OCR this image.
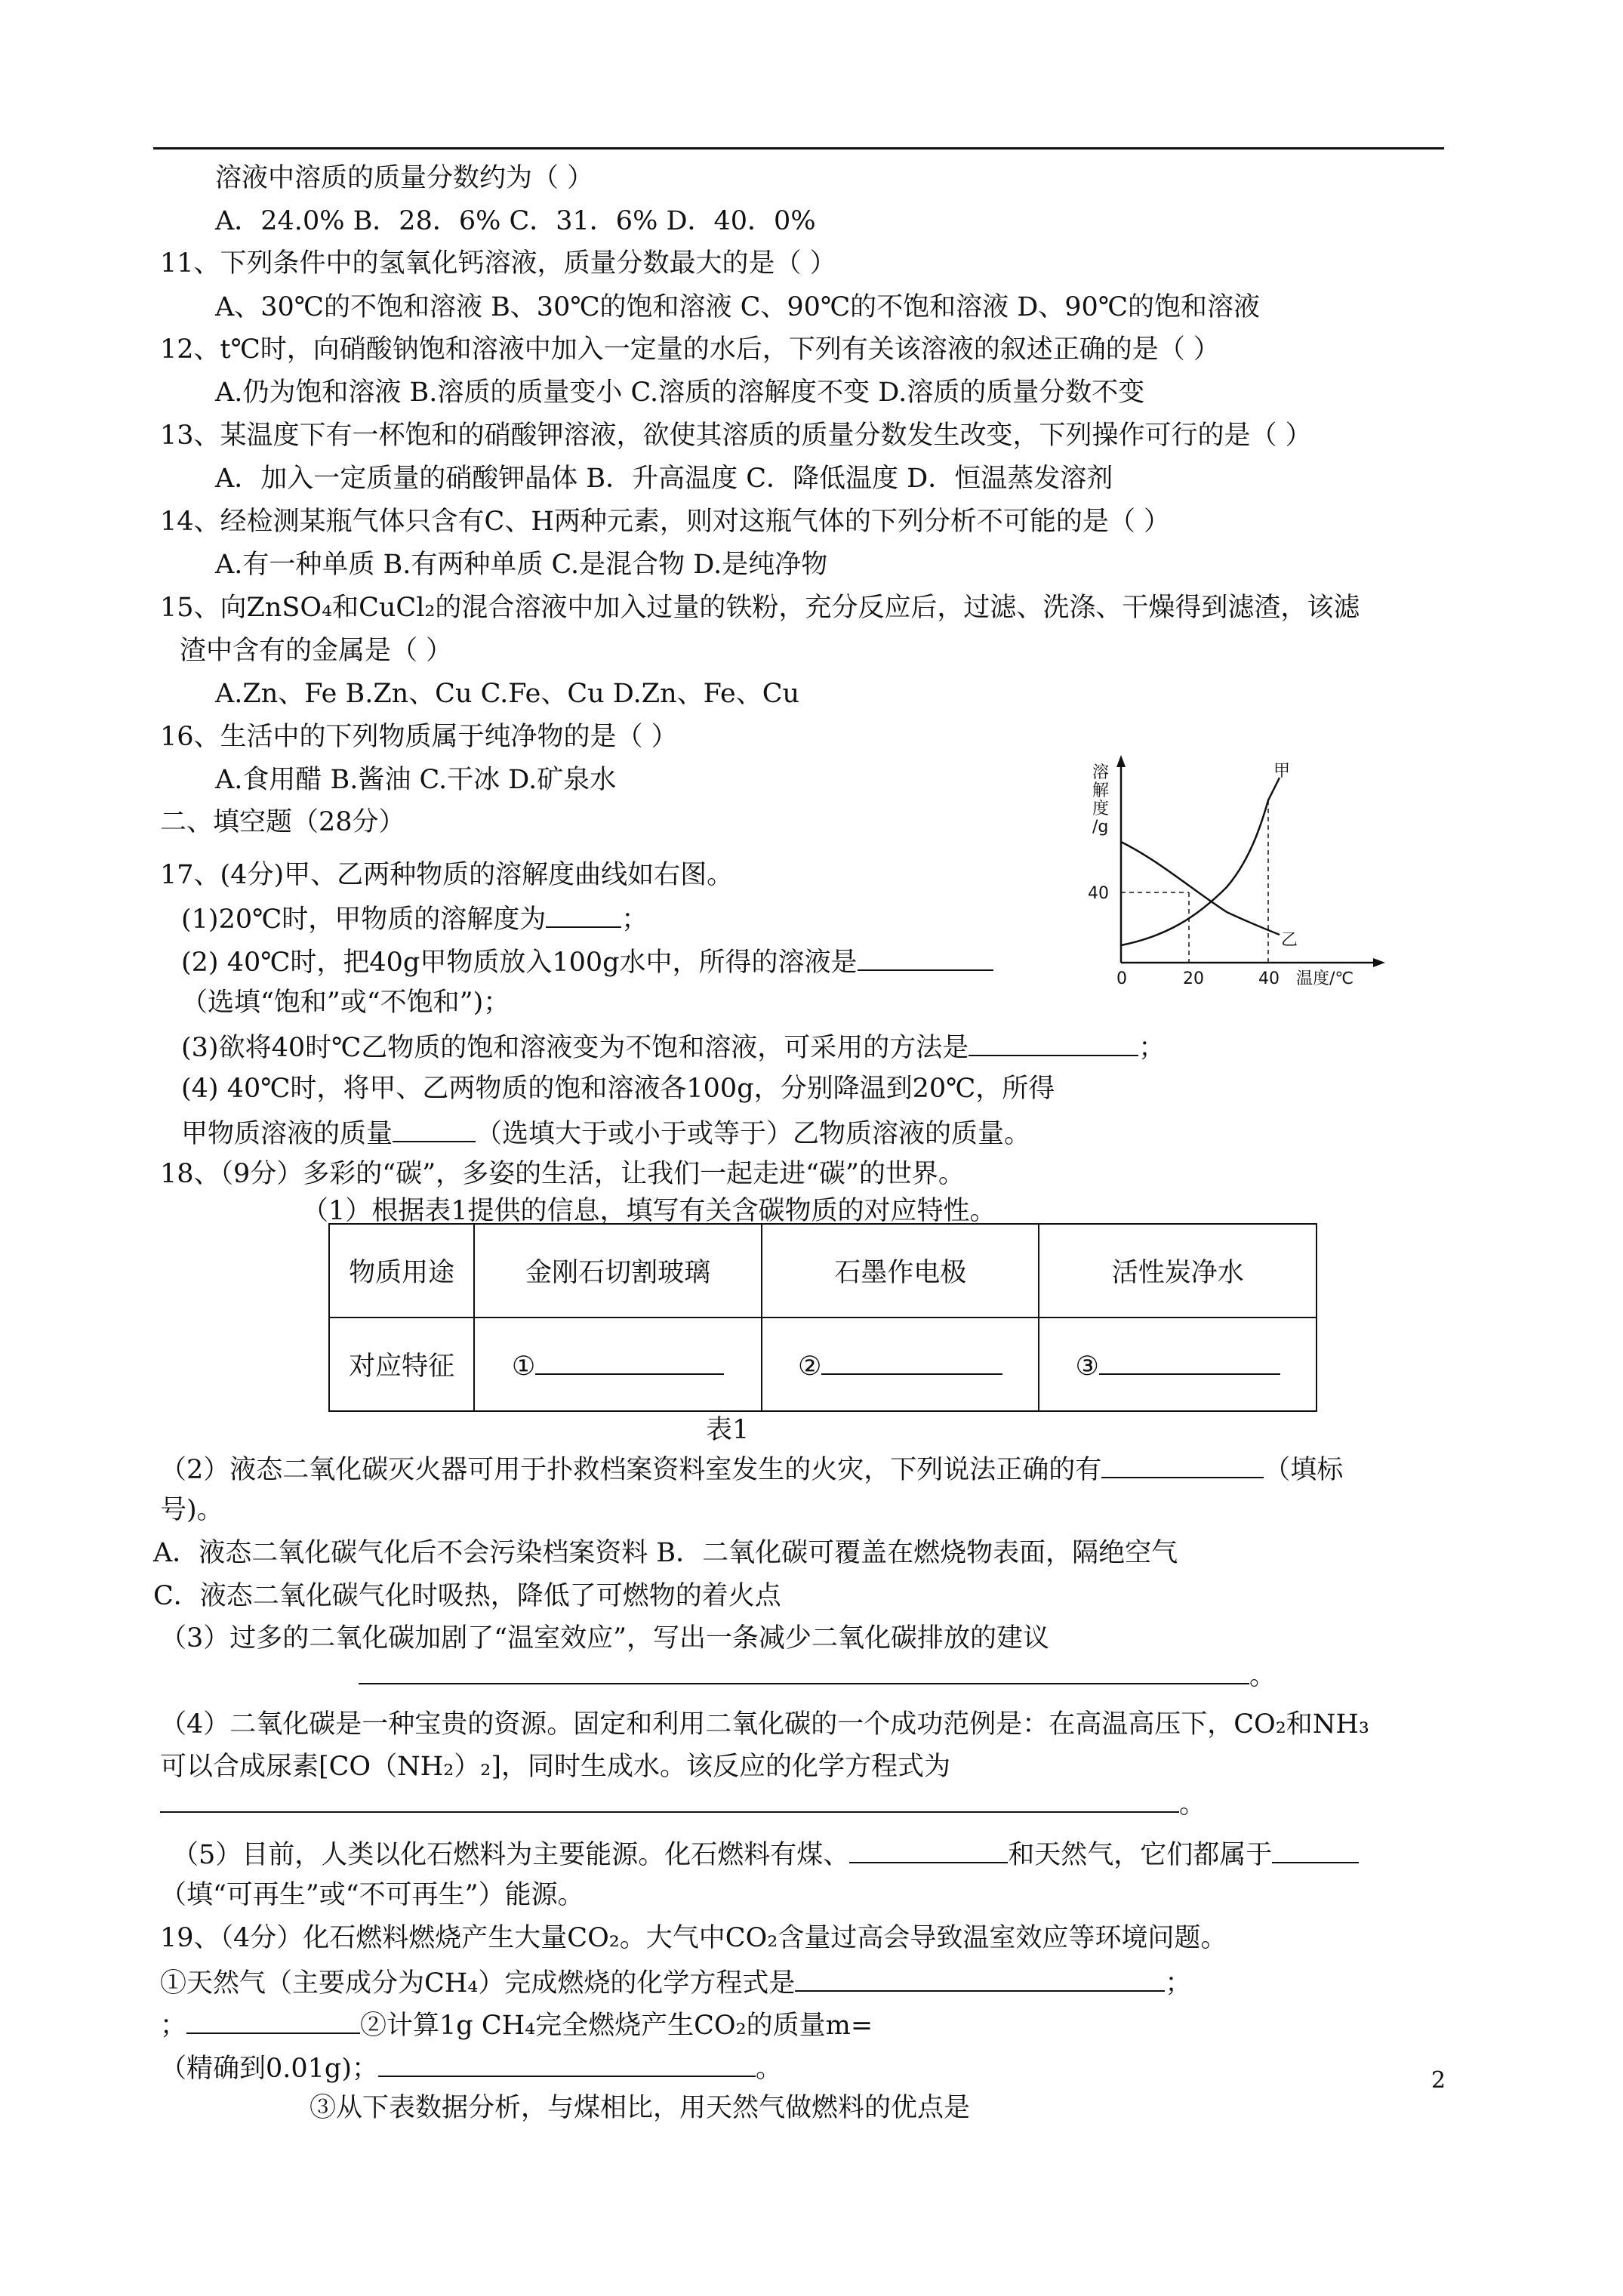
溶液中溶质的质量分数约为（ ）
A．24.0% B．28．6% C．31．6% D．40．0%
11、下列条件中的氢氧化钙溶液，质量分数最大的是（ ）
A、30℃的不饱和溶液 B、30℃的饱和溶液 C、90℃的不饱和溶液 D、90℃的饱和溶液
12、t℃时，向硝酸钠饱和溶液中加入一定量的水后，下列有关该溶液的叙述正确的是（ ）
A.仍为饱和溶液 B.溶质的质量变小 C.溶质的溶解度不变 D.溶质的质量分数不变
13、某温度下有一杯饱和的硝酸钾溶液，欲使其溶质的质量分数发生改变，下列操作可行的是（ ）
A．加入一定质量的硝酸钾晶体 B．升高温度 C．降低温度 D．恒温蒸发溶剂
14、经检测某瓶气体只含有C、H两种元素，则对这瓶气体的下列分析不可能的是（ ）
A.有一种单质 B.有两种单质 C.是混合物 D.是纯净物
15、向ZnSO₄和CuCl₂的混合溶液中加入过量的铁粉，充分反应后，过滤、洗涤、干燥得到滤渣，该滤
渣中含有的金属是（ ）
A.Zn、Fe B.Zn、Cu C.Fe、Cu D.Zn、Fe、Cu
16、生活中的下列物质属于纯净物的是（ ）
A.食用醋 B.酱油 C.干冰 D.矿泉水
二、填空题（28分）
17、(4分)甲、乙两种物质的溶解度曲线如右图。
(1)20℃时，甲物质的溶解度为	；
(2) 40℃时，把40g甲物质放入100g水中，所得的溶液是
（选填“饱和”或“不饱和”)；
(3)欲将40时℃乙物质的饱和溶液变为不饱和溶液，可采用的方法是	；
(4) 40℃时，将甲、乙两物质的饱和溶液各100g，分别降温到20℃，所得
甲物质溶液的质量	（选填大于或小于或等于）乙物质溶液的质量。
18、（9分）多彩的“碳”，多姿的生活，让我们一起走进“碳”的世界。
（1）根据表1提供的信息，填写有关含碳物质的对应特性。
物质用途	金刚石切割玻璃	石墨作电极	活性炭净水
对应特征	①	②	③
表1
（2）液态二氧化碳灭火器可用于扑救档案资料室发生的火灾，下列说法正确的有	（填标
号)。
A．液态二氧化碳气化后不会污染档案资料 B．二氧化碳可覆盖在燃烧物表面，隔绝空气
C．液态二氧化碳气化时吸热，降低了可燃物的着火点
（3）过多的二氧化碳加剧了“温室效应”，写出一条减少二氧化碳排放的建议
。
（4）二氧化碳是一种宝贵的资源。固定和利用二氧化碳的一个成功范例是：在高温高压下，CO₂和NH₃
可以合成尿素[CO（NH₂）₂]，同时生成水。该反应的化学方程式为
。
（5）目前，人类以化石燃料为主要能源。化石燃料有煤、	和天然气，它们都属于
（填“可再生”或“不可再生”）能源。
19、（4分）化石燃料燃烧产生大量CO₂。大气中CO₂含量过高会导致温室效应等环境问题。
①天然气（主要成分为CH₄）完成燃烧的化学方程式是	；
；	②计算1g CH₄完全燃烧产生CO₂的质量m=
（精确到0.01g)；	。
③从下表数据分析，与煤相比，用天然气做燃料的优点是
溶
解
度
/g
40
0	20	40 温度/℃
甲
乙
2
